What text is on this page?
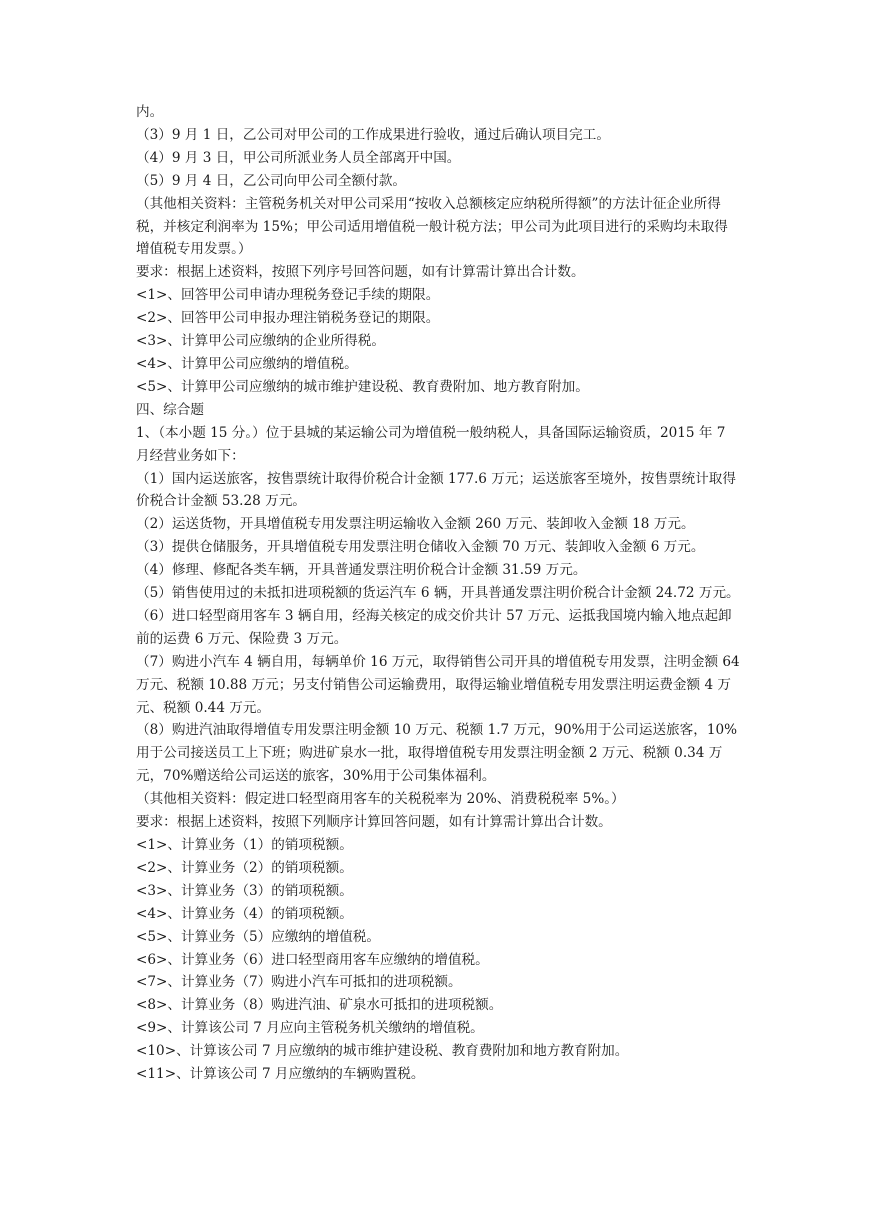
内。

（3）9 月 1 日，乙公司对甲公司的工作成果进行验收，通过后确认项目完工。

（4）9 月 3 日，甲公司所派业务人员全部离开中国。

（5）9 月 4 日，乙公司向甲公司全额付款。

（其他相关资料：主管税务机关对甲公司采用“按收入总额核定应纳税所得额”的方法计征企业所得税，并核定利润率为 15%；甲公司适用增值税一般计税方法；甲公司为此项目进行的采购均未取得增值税专用发票。）

要求：根据上述资料，按照下列序号回答问题，如有计算需计算出合计数。

<1>、回答甲公司申请办理税务登记手续的期限。

<2>、回答甲公司申报办理注销税务登记的期限。

<3>、计算甲公司应缴纳的企业所得税。

<4>、计算甲公司应缴纳的增值税。

<5>、计算甲公司应缴纳的城市维护建设税、教育费附加、地方教育附加。

四、综合题

1、（本小题 15 分。）位于县城的某运输公司为增值税一般纳税人，具备国际运输资质，2015 年 7 月经营业务如下：

（1）国内运送旅客，按售票统计取得价税合计金额 177.6 万元；运送旅客至境外，按售票统计取得价税合计金额 53.28 万元。

（2）运送货物，开具增值税专用发票注明运输收入金额 260 万元、装卸收入金额 18 万元。

（3）提供仓储服务，开具增值税专用发票注明仓储收入金额 70 万元、装卸收入金额 6 万元。

（4）修理、修配各类车辆，开具普通发票注明价税合计金额 31.59 万元。

（5）销售使用过的未抵扣进项税额的货运汽车 6 辆，开具普通发票注明价税合计金额 24.72 万元。

（6）进口轻型商用客车 3 辆自用，经海关核定的成交价共计 57 万元、运抵我国境内输入地点起卸前的运费 6 万元、保险费 3 万元。

（7）购进小汽车 4 辆自用，每辆单价 16 万元，取得销售公司开具的增值税专用发票，注明金额 64 万元、税额 10.88 万元；另支付销售公司运输费用，取得运输业增值税专用发票注明运费金额 4 万元、税额 0.44 万元。

（8）购进汽油取得增值专用发票注明金额 10 万元、税额 1.7 万元，90%用于公司运送旅客，10%用于公司接送员工上下班；购进矿泉水一批，取得增值税专用发票注明金额 2 万元、税额 0.34 万元，70%赠送给公司运送的旅客，30%用于公司集体福利。

（其他相关资料：假定进口轻型商用客车的关税税率为 20%、消费税税率 5%。）

要求：根据上述资料，按照下列顺序计算回答问题，如有计算需计算出合计数。

<1>、计算业务（1）的销项税额。

<2>、计算业务（2）的销项税额。

<3>、计算业务（3）的销项税额。

<4>、计算业务（4）的销项税额。

<5>、计算业务（5）应缴纳的增值税。

<6>、计算业务（6）进口轻型商用客车应缴纳的增值税。

<7>、计算业务（7）购进小汽车可抵扣的进项税额。

<8>、计算业务（8）购进汽油、矿泉水可抵扣的进项税额。

<9>、计算该公司 7 月应向主管税务机关缴纳的增值税。

<10>、计算该公司 7 月应缴纳的城市维护建设税、教育费附加和地方教育附加。

<11>、计算该公司 7 月应缴纳的车辆购置税。
